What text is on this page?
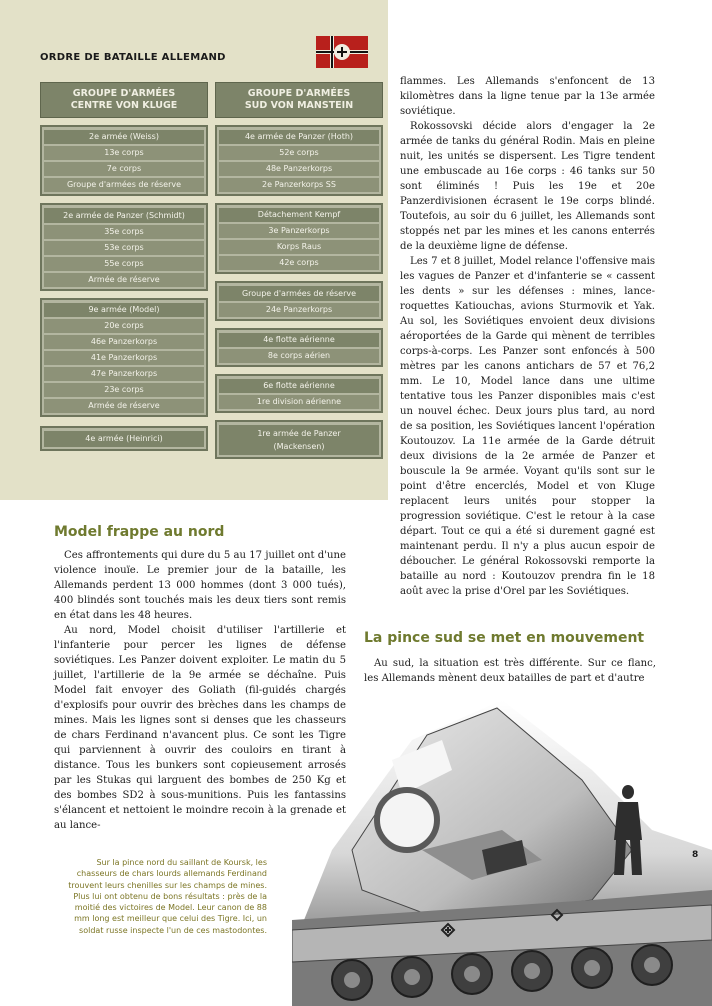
ORDRE DE BATAILLE ALLEMAND
GROUPE D'ARMÉES
CENTRE VON KLUGE
2e armée (Weiss)
13e corps
7e corps
Groupe d'armées de réserve
2e armée de Panzer (Schmidt)
35e corps
53e corps
55e corps
Armée de réserve
9e armée (Model)
20e corps
46e Panzerkorps
41e Panzerkorps
47e Panzerkorps
23e corps
Armée de réserve
4e armée (Heinrici)
GROUPE D'ARMÉES
SUD VON MANSTEIN
4e armée de Panzer (Hoth)
52e corps
48e Panzerkorps
2e Panzerkorps SS
Détachement Kempf
3e Panzerkorps
Korps Raus
42e corps
Groupe d'armées de réserve
24e Panzerkorps
4e flotte aérienne
8e corps aérien
6e flotte aérienne
1re division aérienne
1re armée de Panzer (Mackensen)

flammes. Les Allemands s'enfoncent de 13 kilomètres dans la ligne tenue par la 13e armée soviétique.

Rokossovski décide alors d'engager la 2e armée de tanks du général Rodin. Mais en pleine nuit, les unités se dispersent. Les Tigre tendent une embuscade au 16e corps : 46 tanks sur 50 sont éliminés ! Puis les 19e et 20e Panzerdivisionen écrasent le 19e corps blindé. Toutefois, au soir du 6 juillet, les Allemands sont stoppés net par les mines et les canons enterrés de la deuxième ligne de défense.

Les 7 et 8 juillet, Model relance l'offensive mais les vagues de Panzer et d'infanterie se « cassent les dents » sur les défenses : mines, lance-roquettes Katiouchas, avions Sturmovik et Yak. Au sol, les Soviétiques envoient deux divisions aéroportées de la Garde qui mènent de terribles corps-à-corps. Les Panzer sont enfoncés à 500 mètres par les canons antichars de 57 et 76,2 mm. Le 10, Model lance dans une ultime tentative tous les Panzer disponibles mais c'est un nouvel échec. Deux jours plus tard, au nord de sa position, les Soviétiques lancent l'opération Koutouzov. La 11e armée de la Garde détruit deux divisions de la 2e armée de Panzer et bouscule la 9e armée. Voyant qu'ils sont sur le point d'être encerclés, Model et von Kluge replacent leurs unités pour stopper la progression soviétique. C'est le retour à la case départ. Tout ce qui a été si durement gagné est maintenant perdu. Il n'y a plus aucun espoir de déboucher. Le général Rokossovski remporte la bataille au nord : Koutouzov prendra fin le 18 août avec la prise d'Orel par les Soviétiques.

Model frappe au nord

Ces affrontements qui dure du 5 au 17 juillet ont d'une violence inouïe. Le premier jour de la bataille, les Allemands perdent 13 000 hommes (dont 3 000 tués), 400 blindés sont touchés mais les deux tiers sont remis en état dans les 48 heures.

Au nord, Model choisit d'utiliser l'artillerie et l'infanterie pour percer les lignes de défense soviétiques. Les Panzer doivent exploiter. Le matin du 5 juillet, l'artillerie de la 9e armée se déchaîne. Puis Model fait envoyer des Goliath (fil-guidés chargés d'explosifs pour ouvrir des brèches dans les champs de mines. Mais les lignes sont si denses que les chasseurs de chars Ferdinand n'avancent plus. Ce sont les Tigre qui parviennent à ouvrir des couloirs en tirant à distance. Tous les bunkers sont copieusement arrosés par les Stukas qui larguent des bombes de 250 Kg et des bombes SD2 à sous-munitions. Puis les fantassins s'élancent et nettoient le moindre recoin à la grenade et au lance-

La pince sud se met en mouvement

Au sud, la situation est très différente. Sur ce flanc, les Allemands mènent deux batailles de part et d'autre

Sur la pince nord du saillant de Koursk, les chasseurs de chars lourds allemands Ferdinand trouvent leurs chenilles sur les champs de mines. Plus lui ont obtenu de bons résultats : près de la moitié des victoires de Model. Leur canon de 88 mm long est meilleur que celui des Tigre. Ici, un soldat russe inspecte l'un de ces mastodontes.
8
